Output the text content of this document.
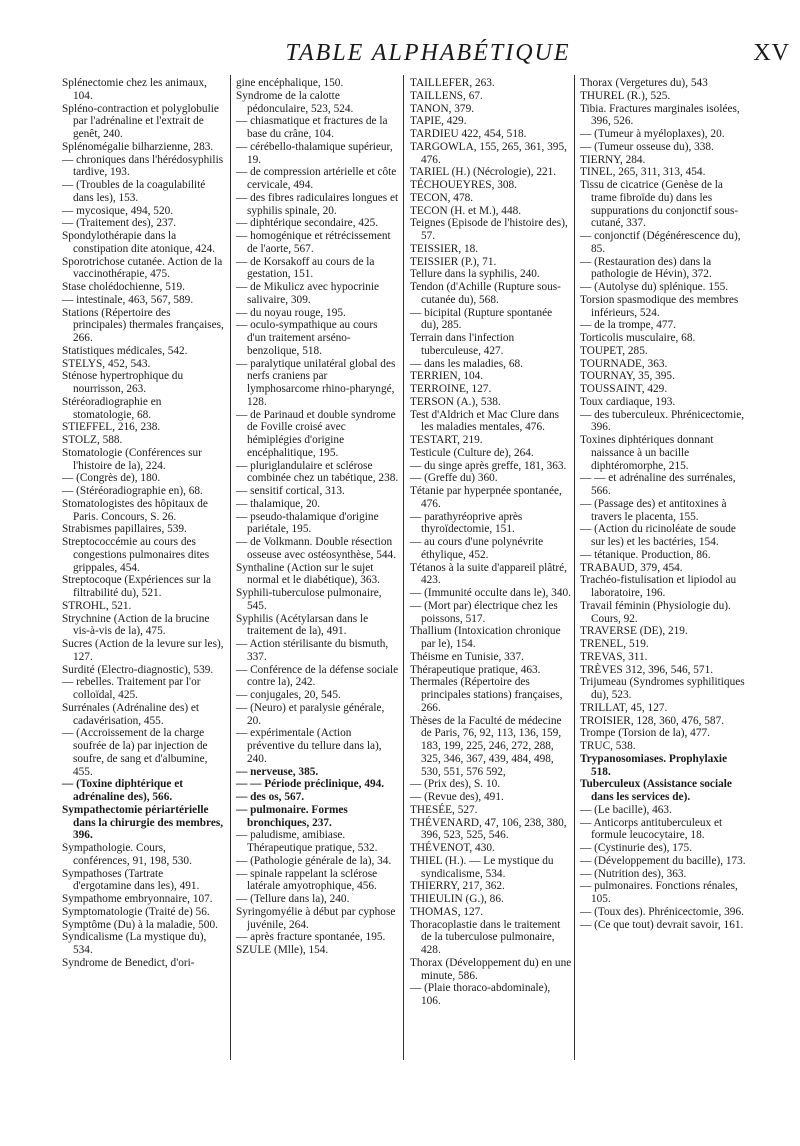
TABLE ALPHABÉTIQUE	XV

Splénectomie chez les animaux, 104.

Spléno-contraction et polyglobulie par l'adrénaline et l'extrait de genêt, 240.

Splénomégalie bilharzienne, 283.

— chroniques dans l'hérédosyphilis tardive, 193.

— (Troubles de la coagulabilité dans les), 153.

— mycosique, 494, 520.

— (Traitement des), 237.

Spondylothérapie dans la constipation dite atonique, 424.

Sporotrichose cutanée. Action de la vaccinothérapie, 475.

Stase cholédochienne, 519.

— intestinale, 463, 567, 589.

Stations (Répertoire des principales) thermales françaises, 266.

Statistiques médicales, 542.

STELYS, 452, 543.

Sténose hypertrophique du nourrisson, 263.

Stéréoradiographie en stomatologie, 68.

STIEFFEL, 216, 238.

STOLZ, 588.

Stomatologie (Conférences sur l'histoire de la), 224.

— (Congrès de), 180.

— (Stéréoradiographie en), 68.

Stomatologistes des hôpitaux de Paris. Concours, S. 26.

Strabismes papillaires, 539.

Streptococcémie au cours des congestions pulmonaires dites grippales, 454.

Streptocoque (Expériences sur la filtrabilité du), 521.

STROHL, 521.

Strychnine (Action de la brucine vis-à-vis de la), 475.

Sucres (Action de la levure sur les), 127.

Surdité (Electro-diagnostic), 539.

— rebelles. Traitement par l'or colloïdal, 425.

Surrénales (Adrénaline des) et cadavérisation, 455.

— (Accroissement de la charge soufrée de la) par injection de soufre, de sang et d'albumine, 455.

— (Toxine diphtérique et adrénaline des), 566.

Sympathectomie périartérielle dans la chirurgie des membres, 396.

Sympathologie. Cours, conférences, 91, 198, 530.

Sympathoses (Tartrate d'ergotamine dans les), 491.

Sympathome embryonnaire, 107.

Symptomatologie (Traité de) 56.

Symptôme (Du) à la maladie, 500.

Syndicalisme (La mystique du), 534.

Syndrome de Benedict, d'ori-

gine encéphalique, 150.

Syndrome de la calotte pédonculaire, 523, 524.

— chiasmatique et fractures de la base du crâne, 104.

— cérébello-thalamique supérieur, 19.

— de compression artérielle et côte cervicale, 494.

— des fibres radiculaires longues et syphilis spinale, 20.

— diphtérique secondaire, 425.

— homogénique et rétrécissement de l'aorte, 567.

— de Korsakoff au cours de la gestation, 151.

— de Mikulicz avec hypocrinie salivaire, 309.

— du noyau rouge, 195.

— oculo-sympathique au cours d'un traitement arséno-benzolique, 518.

— paralytique unilatéral global des nerfs craniens par lymphosarcome rhino-pharyngé, 128.

— de Parinaud et double syndrome de Foville croisé avec hémiplégies d'origine encéphalitique, 195.

— pluriglandulaire et sclérose combinée chez un tabétique, 238.

— sensitif cortical, 313.

— thalamique, 20.

— pseudo-thalamique d'origine pariétale, 195.

— de Volkmann. Double résection osseuse avec ostéosynthèse, 544.

Synthaline (Action sur le sujet normal et le diabétique), 363.

Syphili-tuberculose pulmonaire, 545.

Syphilis (Acétylarsan dans le traitement de la), 491.

— Action stérilisante du bismuth, 337.

— Conférence de la défense sociale contre la), 242.

— conjugales, 20, 545.

— (Neuro) et paralysie générale, 20.

— expérimentale (Action préventive du tellure dans la), 240.

— nerveuse, 385.

— — Période préclinique, 494.

— des os, 567.

— pulmonaire. Formes bronchiques, 237.

— paludisme, amibiase. Thérapeutique pratique, 532.

— (Pathologie générale de la), 34.

— spinale rappelant la sclérose latérale amyotrophique, 456.

— (Tellure dans la), 240.

Syringomyélie à début par cyphose juvénile, 264.

— après fracture spontanée, 195.

SZULE (Mlle), 154.

TAILLEFER, 263.

TAILLENS, 67.

TANON, 379.

TAPIE, 429.

TARDIEU 422, 454, 518.

TARGOWLA, 155, 265, 361, 395, 476.

TARIEL (H.) (Nécrologie), 221.

TÉCHOUEYRES, 308.

TECON, 478.

TECON (H. et M.), 448.

Teignes (Episode de l'histoire des), 57.

TEISSIER, 18.

TEISSIER (P.), 71.

Tellure dans la syphilis, 240.

Tendon (d'Achille (Rupture sous-cutanée du), 568.

— bicipital (Rupture spontanée du), 285.

Terrain dans l'infection tuberculeuse, 427.

— dans les maladies, 68.

TERRIEN, 104.

TERROINE, 127.

TERSON (A.), 538.

Test d'Aldrich et Mac Clure dans les maladies mentales, 476.

TESTART, 219.

Testicule (Culture de), 264.

— du singe après greffe, 181, 363.

— (Greffe du) 360.

Tétanie par hyperpnée spontanée, 476.

— parathyréoprive après thyroïdectomie, 151.

— au cours d'une polynévrite éthylique, 452.

Tétanos à la suite d'appareil plâtré, 423.

— (Immunité occulte dans le), 340.

— (Mort par) électrique chez les poissons, 517.

Thallium (Intoxication chronique par le), 154.

Théisme en Tunisie, 337.

Thérapeutique pratique, 463.

Thermales (Répertoire des principales stations) françaises, 266.

Thèses de la Faculté de médecine de Paris, 76, 92, 113, 136, 159, 183, 199, 225, 246, 272, 288, 325, 346, 367, 439, 484, 498, 530, 551, 576 592,

— (Prix des), S. 10.

— (Revue des), 491.

THESÉE, 527.

THÉVENARD, 47, 106, 238, 380, 396, 523, 525, 546.

THÉVENOT, 430.

THIEL (H.). — Le mystique du syndicalisme, 534.

THIERRY, 217, 362.

THIEULIN (G.), 86.

THOMAS, 127.

Thoracoplastie dans le traitement de la tuberculose pulmonaire, 428.

Thorax (Développement du) en une minute, 586.

— (Plaie thoraco-abdominale), 106.

Thorax (Vergetures du), 543

THUREL (R.), 525.

Tibia. Fractures marginales isolées, 396, 526.

— (Tumeur à myéloplaxes), 20.

— (Tumeur osseuse du), 338.

TIERNY, 284.

TINEL, 265, 311, 313, 454.

Tissu de cicatrice (Genèse de la trame fibroïde du) dans les suppurations du conjonctif sous-cutané, 337.

— conjonctif (Dégénérescence du), 85.

— (Restauration des) dans la pathologie de Hévin), 372.

— (Autolyse du) splénique. 155.

Torsion spasmodique des membres inférieurs, 524.

— de la trompe, 477.

Torticolis musculaire, 68.

TOUPET, 285.

TOURNADE, 363.

TOURNAY, 35, 395.

TOUSSAINT, 429.

Toux cardiaque, 193.

— des tuberculeux. Phrénicectomie, 396.

Toxines diphtériques donnant naissance à un bacille diphtéromorphe, 215.

— — et adrénaline des surrénales, 566.

— (Passage des) et antitoxines à travers le placenta, 155.

— (Action du ricinoléate de soude sur les) et les bactéries, 154.

— tétanique. Production, 86.

TRABAUD, 379, 454.

Trachéo-fistulisation et lipiodol au laboratoire, 196.

Travail féminin (Physiologie du). Cours, 92.

TRAVERSE (DE), 219.

TRENEL, 519.

TREVAS, 311.

TRÈVES 312, 396, 546, 571.

Trijumeau (Syndromes syphilitiques du), 523.

TRILLAT, 45, 127.

TROISIER, 128, 360, 476, 587.

Trompe (Torsion de la), 477.

TRUC, 538.

Trypanosomiases. Prophylaxie 518.

Tuberculeux (Assistance sociale dans les services de).

— (Le bacille), 463.

— Anticorps antituberculeux et formule leucocytaire, 18.

— (Cystinurie des), 175.

— (Développement du bacille), 173.

— (Nutrition des), 363.

— pulmonaires. Fonctions rénales, 105.

— (Toux des). Phrénicectomie, 396.

— (Ce que tout) devrait savoir, 161.
